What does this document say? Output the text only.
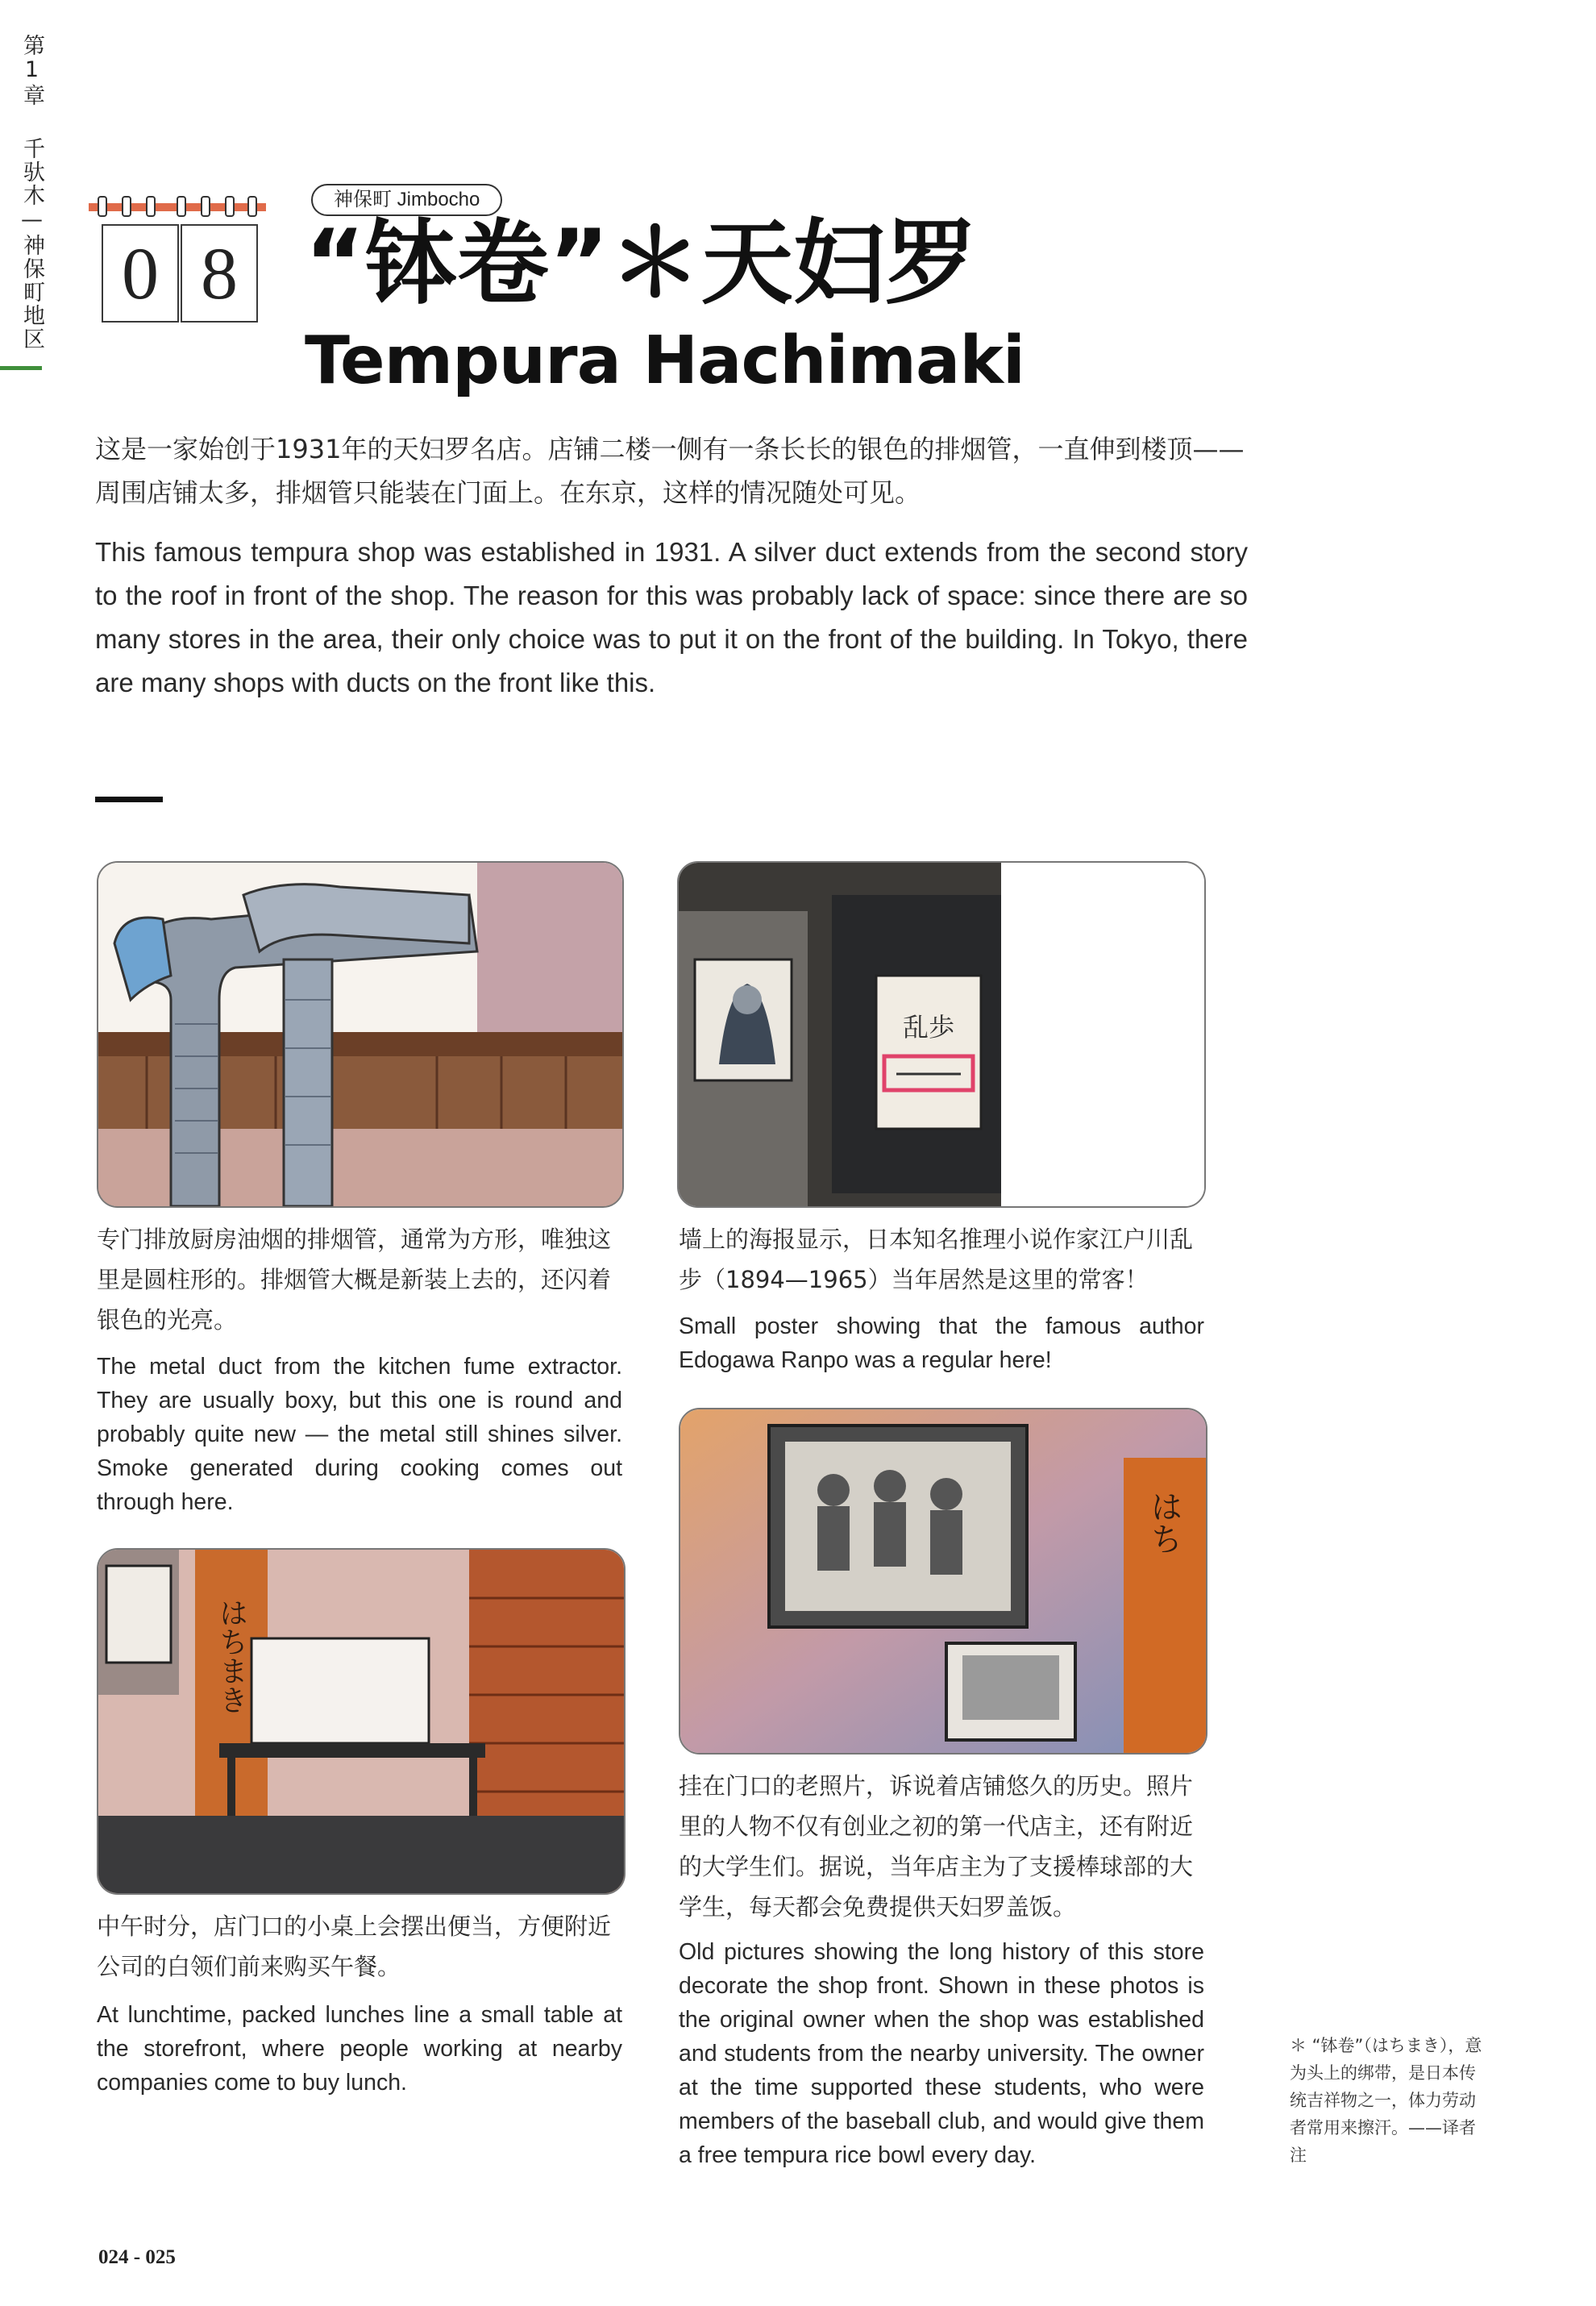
第1章
千驮木—神保町地区 0 8
神保町 Jimbocho
“钵卷”＊天妇罗
Tempura Hachimaki
这是一家始创于1931年的天妇罗名店。店铺二楼一侧有一条长长的银色的排烟管，一直伸到楼顶——周围店铺太多，排烟管只能装在门面上。在东京，这样的情况随处可见。
This famous tempura shop was established in 1931. A silver duct extends from the second story to the roof in front of the shop. The reason for this was probably lack of space: since there are so many stores in the area, their only choice was to put it on the front of the building. In Tokyo, there are many shops with ducts on the front like this.
专门排放厨房油烟的排烟管，通常为方形，唯独这里是圆柱形的。排烟管大概是新装上去的，还闪着银色的光亮。
The metal duct from the kitchen fume extractor. They are usually boxy, but this one is round and probably quite new — the metal still shines silver. Smoke generated during cooking comes out through here.
乱歩
墙上的海报显示，日本知名推理小说作家江户川乱步（1894—1965）当年居然是这里的常客！
Small poster showing that the famous author Edogawa Ranpo was a regular here!
はちまき
中午时分，店门口的小桌上会摆出便当，方便附近公司的白领们前来购买午餐。
At lunchtime, packed lunches line a small table at the storefront, where people working at nearby companies come to buy lunch.
はち
挂在门口的老照片，诉说着店铺悠久的历史。照片里的人物不仅有创业之初的第一代店主，还有附近的大学生们。据说，当年店主为了支援棒球部的大学生，每天都会免费提供天妇罗盖饭。
Old pictures showing the long history of this store decorate the shop front. Shown in these photos is the original owner when the shop was established and students from the nearby university. The owner at the time supported these students, who were members of the baseball club, and would give them a free tempura rice bowl every day.
＊ “钵卷”（はちまき），意为头上的绑带，是日本传统吉祥物之一，体力劳动者常用来擦汗。——译者注
024 - 025
